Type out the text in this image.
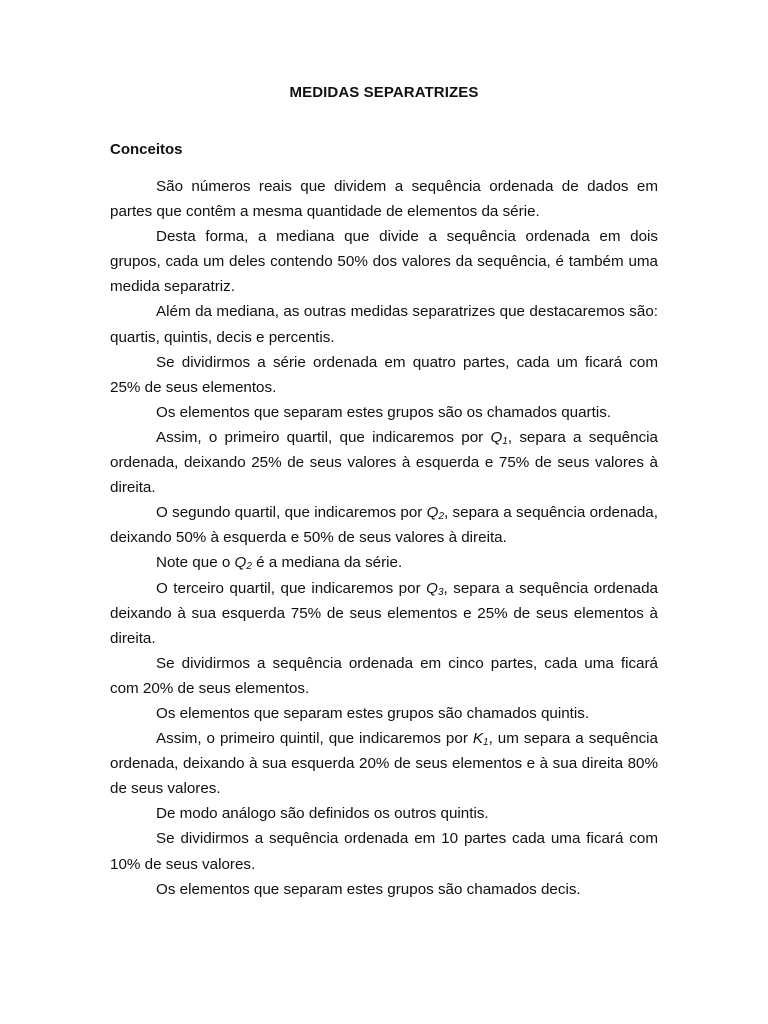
MEDIDAS SEPARATRIZES
Conceitos

São números reais que dividem a sequência ordenada de dados em partes que contêm a mesma quantidade de elementos da série.

Desta forma, a mediana que divide a sequência ordenada em dois grupos, cada um deles contendo 50% dos valores da sequência, é também uma medida separatriz.

Além da mediana, as outras medidas separatrizes que destacaremos são: quartis, quintis, decis e percentis.

Se dividirmos a série ordenada em quatro partes, cada um ficará com 25% de seus elementos.

Os elementos que separam estes grupos são os chamados quartis.

Assim, o primeiro quartil, que indicaremos por $Q_1$, separa a sequência ordenada, deixando 25% de seus valores à esquerda e 75% de seus valores à direita.

O segundo quartil, que indicaremos por $Q_2$, separa a sequência ordenada, deixando 50% à esquerda e 50% de seus valores à direita.

Note que o $Q_2$ é a mediana da série.

O terceiro quartil, que indicaremos por $Q_3$, separa a sequência ordenada deixando à sua esquerda 75% de seus elementos e 25% de seus elementos à direita.

Se dividirmos a sequência ordenada em cinco partes, cada uma ficará com 20% de seus elementos.

Os elementos que separam estes grupos são chamados quintis.

Assim, o primeiro quintil, que indicaremos por $K_1$, um separa a sequência ordenada, deixando à sua esquerda 20% de seus elementos e à sua direita 80% de seus valores.

De modo análogo são definidos os outros quintis.

Se dividirmos a sequência ordenada em 10 partes cada uma ficará com 10% de seus valores.

Os elementos que separam estes grupos são chamados decis.
